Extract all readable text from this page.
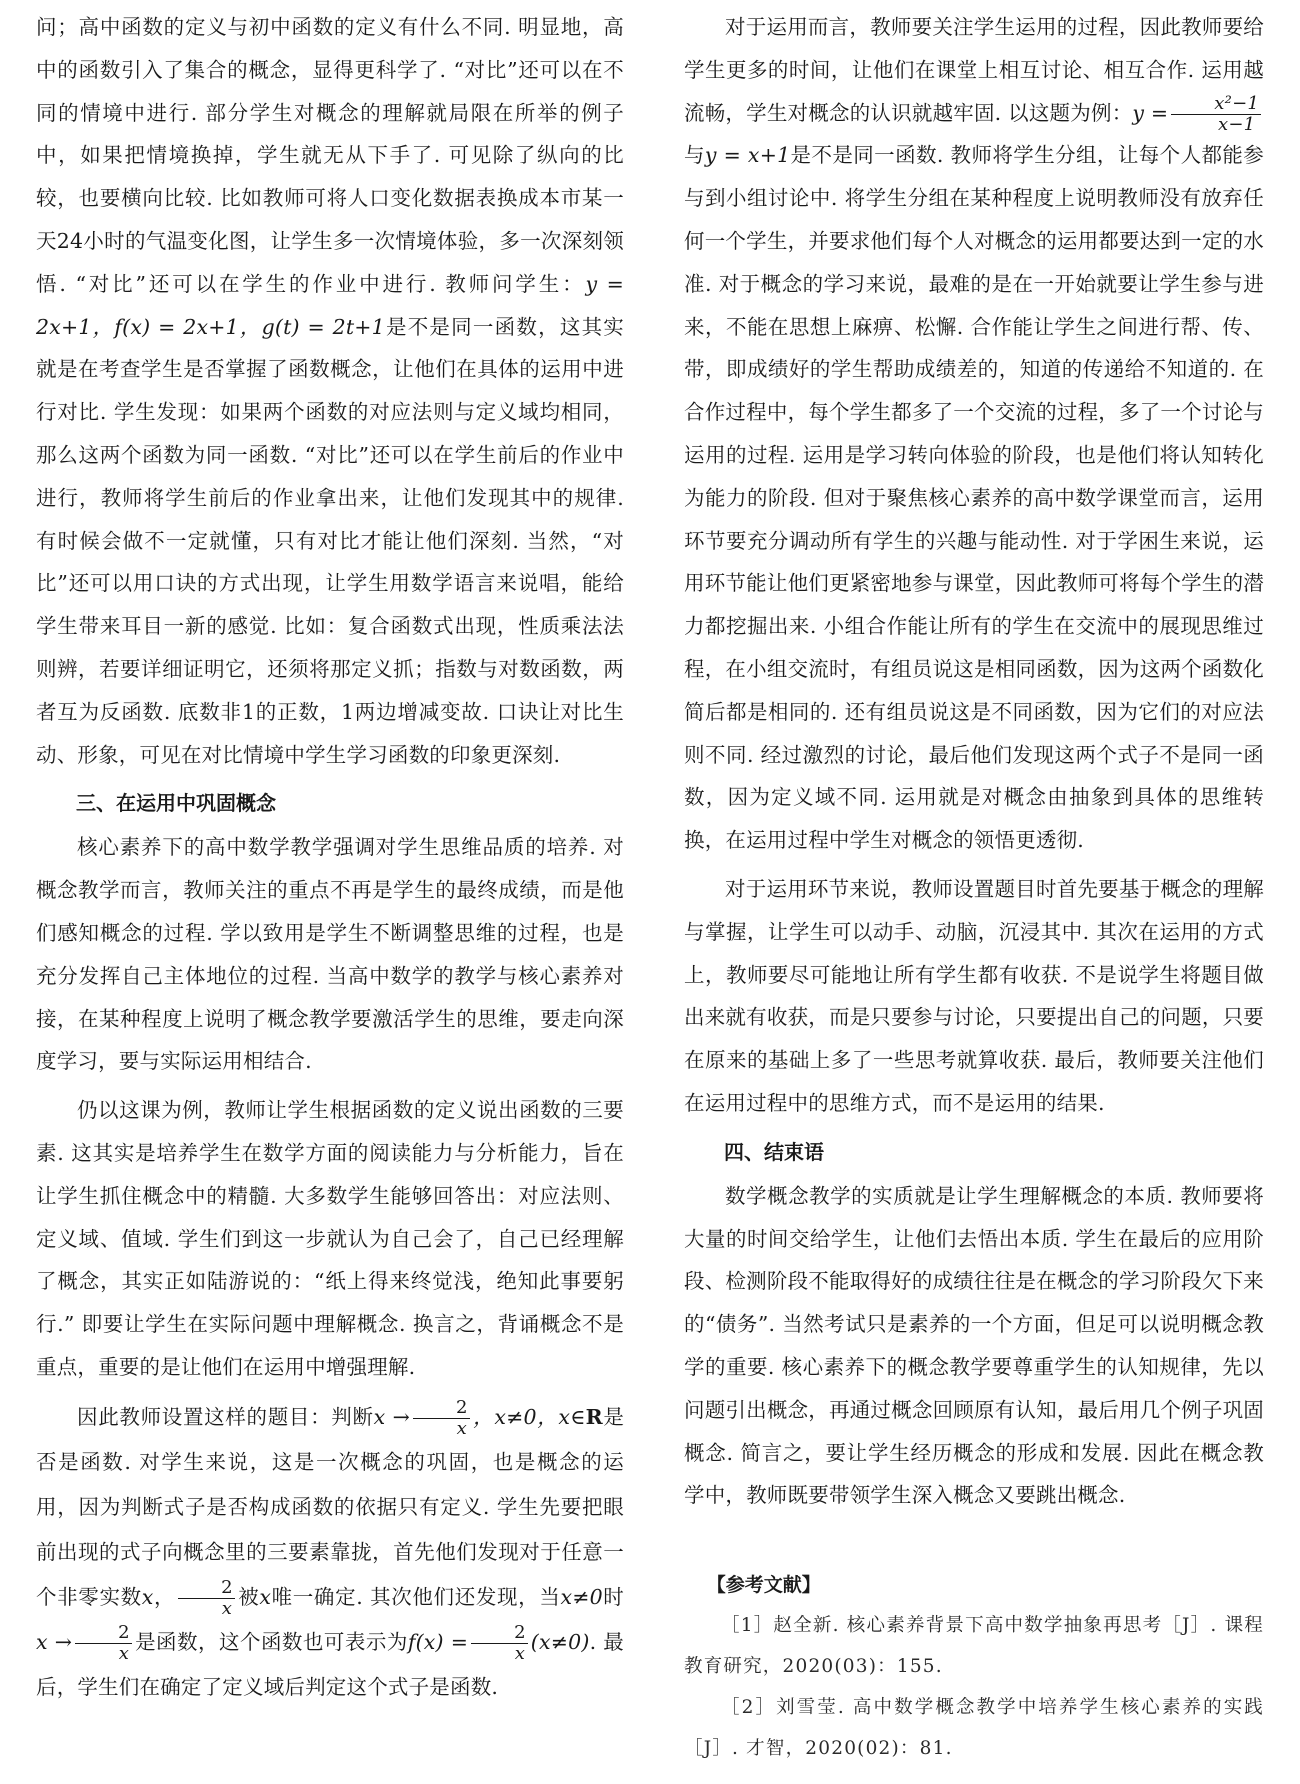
问；高中函数的定义与初中函数的定义有什么不同. 明显地，高中的函数引入了集合的概念，显得更科学了. “对比”还可以在不同的情境中进行. 部分学生对概念的理解就局限在所举的例子中，如果把情境换掉，学生就无从下手了. 可见除了纵向的比较，也要横向比较. 比如教师可将人口变化数据表换成本市某一天24小时的气温变化图，让学生多一次情境体验，多一次深刻领悟. “对比”还可以在学生的作业中进行. 教师问学生：y = 2x+1，f(x) = 2x+1，g(t) = 2t+1是不是同一函数，这其实就是在考查学生是否掌握了函数概念，让他们在具体的运用中进行对比. 学生发现：如果两个函数的对应法则与定义域均相同，那么这两个函数为同一函数. “对比”还可以在学生前后的作业中进行，教师将学生前后的作业拿出来，让他们发现其中的规律. 有时候会做不一定就懂，只有对比才能让他们深刻. 当然，“对比”还可以用口诀的方式出现，让学生用数学语言来说唱，能给学生带来耳目一新的感觉. 比如：复合函数式出现，性质乘法法则辨，若要详细证明它，还须将那定义抓；指数与对数函数，两者互为反函数. 底数非1的正数，1两边增减变故. 口诀让对比生动、形象，可见在对比情境中学生学习函数的印象更深刻.

三、在运用中巩固概念

核心素养下的高中数学教学强调对学生思维品质的培养. 对概念教学而言，教师关注的重点不再是学生的最终成绩，而是他们感知概念的过程. 学以致用是学生不断调整思维的过程，也是充分发挥自己主体地位的过程. 当高中数学的教学与核心素养对接，在某种程度上说明了概念教学要激活学生的思维，要走向深度学习，要与实际运用相结合.

仍以这课为例，教师让学生根据函数的定义说出函数的三要素. 这其实是培养学生在数学方面的阅读能力与分析能力，旨在让学生抓住概念中的精髓. 大多数学生能够回答出：对应法则、定义域、值域. 学生们到这一步就认为自己会了，自己已经理解了概念，其实正如陆游说的：“纸上得来终觉浅，绝知此事要躬行.” 即要让学生在实际问题中理解概念. 换言之，背诵概念不是重点，重要的是让他们在运用中增强理解.

因此教师设置这样的题目：判断$x \to \frac{2}{x}$ ，x≠0，x∈R是否是函数. 对学生来说，这是一次概念的巩固，也是概念的运用，因为判断式子是否构成函数的依据只有定义. 学生先要把眼前出现的式子向概念里的三要素靠拢，首先他们发现对于任意一个非零实数x， $\frac{2}{x}$ 被x唯一确定. 其次他们还发现，当x≠0时$x \to \frac{2}{x}$ 是函数，这个函数也可表示为$f(x) = \frac{2}{x} (x\ne 0)$. 最后，学生们在确定了定义域后判定这个式子是函数.

对于运用而言，教师要关注学生运用的过程，因此教师要给学生更多的时间，让他们在课堂上相互讨论、相互合作. 运用越流畅，学生对概念的认识就越牢固. 以这题为例：$y = \frac{\text{x²−1}}{x-1}$
与y = x+1是不是同一函数. 教师将学生分组，让每个人都能参与到小组讨论中. 将学生分组在某种程度上说明教师没有放弃任何一个学生，并要求他们每个人对概念的运用都要达到一定的水准. 对于概念的学习来说，最难的是在一开始就要让学生参与进来，不能在思想上麻痹、松懈. 合作能让学生之间进行帮、传、带，即成绩好的学生帮助成绩差的，知道的传递给不知道的. 在合作过程中，每个学生都多了一个交流的过程，多了一个讨论与运用的过程. 运用是学习转向体验的阶段，也是他们将认知转化为能力的阶段. 但对于聚焦核心素养的高中数学课堂而言，运用环节要充分调动所有学生的兴趣与能动性. 对于学困生来说，运用环节能让他们更紧密地参与课堂，因此教师可将每个学生的潜力都挖掘出来. 小组合作能让所有的学生在交流中的展现思维过程，在小组交流时，有组员说这是相同函数，因为这两个函数化简后都是相同的. 还有组员说这是不同函数，因为它们的对应法则不同. 经过激烈的讨论，最后他们发现这两个式子不是同一函数，因为定义域不同. 运用就是对概念由抽象到具体的思维转换，在运用过程中学生对概念的领悟更透彻.

对于运用环节来说，教师设置题目时首先要基于概念的理解与掌握，让学生可以动手、动脑，沉浸其中. 其次在运用的方式上，教师要尽可能地让所有学生都有收获. 不是说学生将题目做出来就有收获，而是只要参与讨论，只要提出自己的问题，只要在原来的基础上多了一些思考就算收获. 最后，教师要关注他们在运用过程中的思维方式，而不是运用的结果.

四、结束语

数学概念教学的实质就是让学生理解概念的本质. 教师要将大量的时间交给学生，让他们去悟出本质. 学生在最后的应用阶段、检测阶段不能取得好的成绩往往是在概念的学习阶段欠下来的“债务”. 当然考试只是素养的一个方面，但足可以说明概念教学的重要. 核心素养下的概念教学要尊重学生的认知规律，先以问题引出概念，再通过概念回顾原有认知，最后用几个例子巩固概念. 简言之，要让学生经历概念的形成和发展. 因此在概念教学中，教师既要带领学生深入概念又要跳出概念.

【参考文献】

［1］赵全新. 核心素养背景下高中数学抽象再思考［J］. 课程教育研究，2020(03)：155.

［2］刘雪莹. 高中数学概念教学中培养学生核心素养的实践［J］. 才智，2020(02)：81.
